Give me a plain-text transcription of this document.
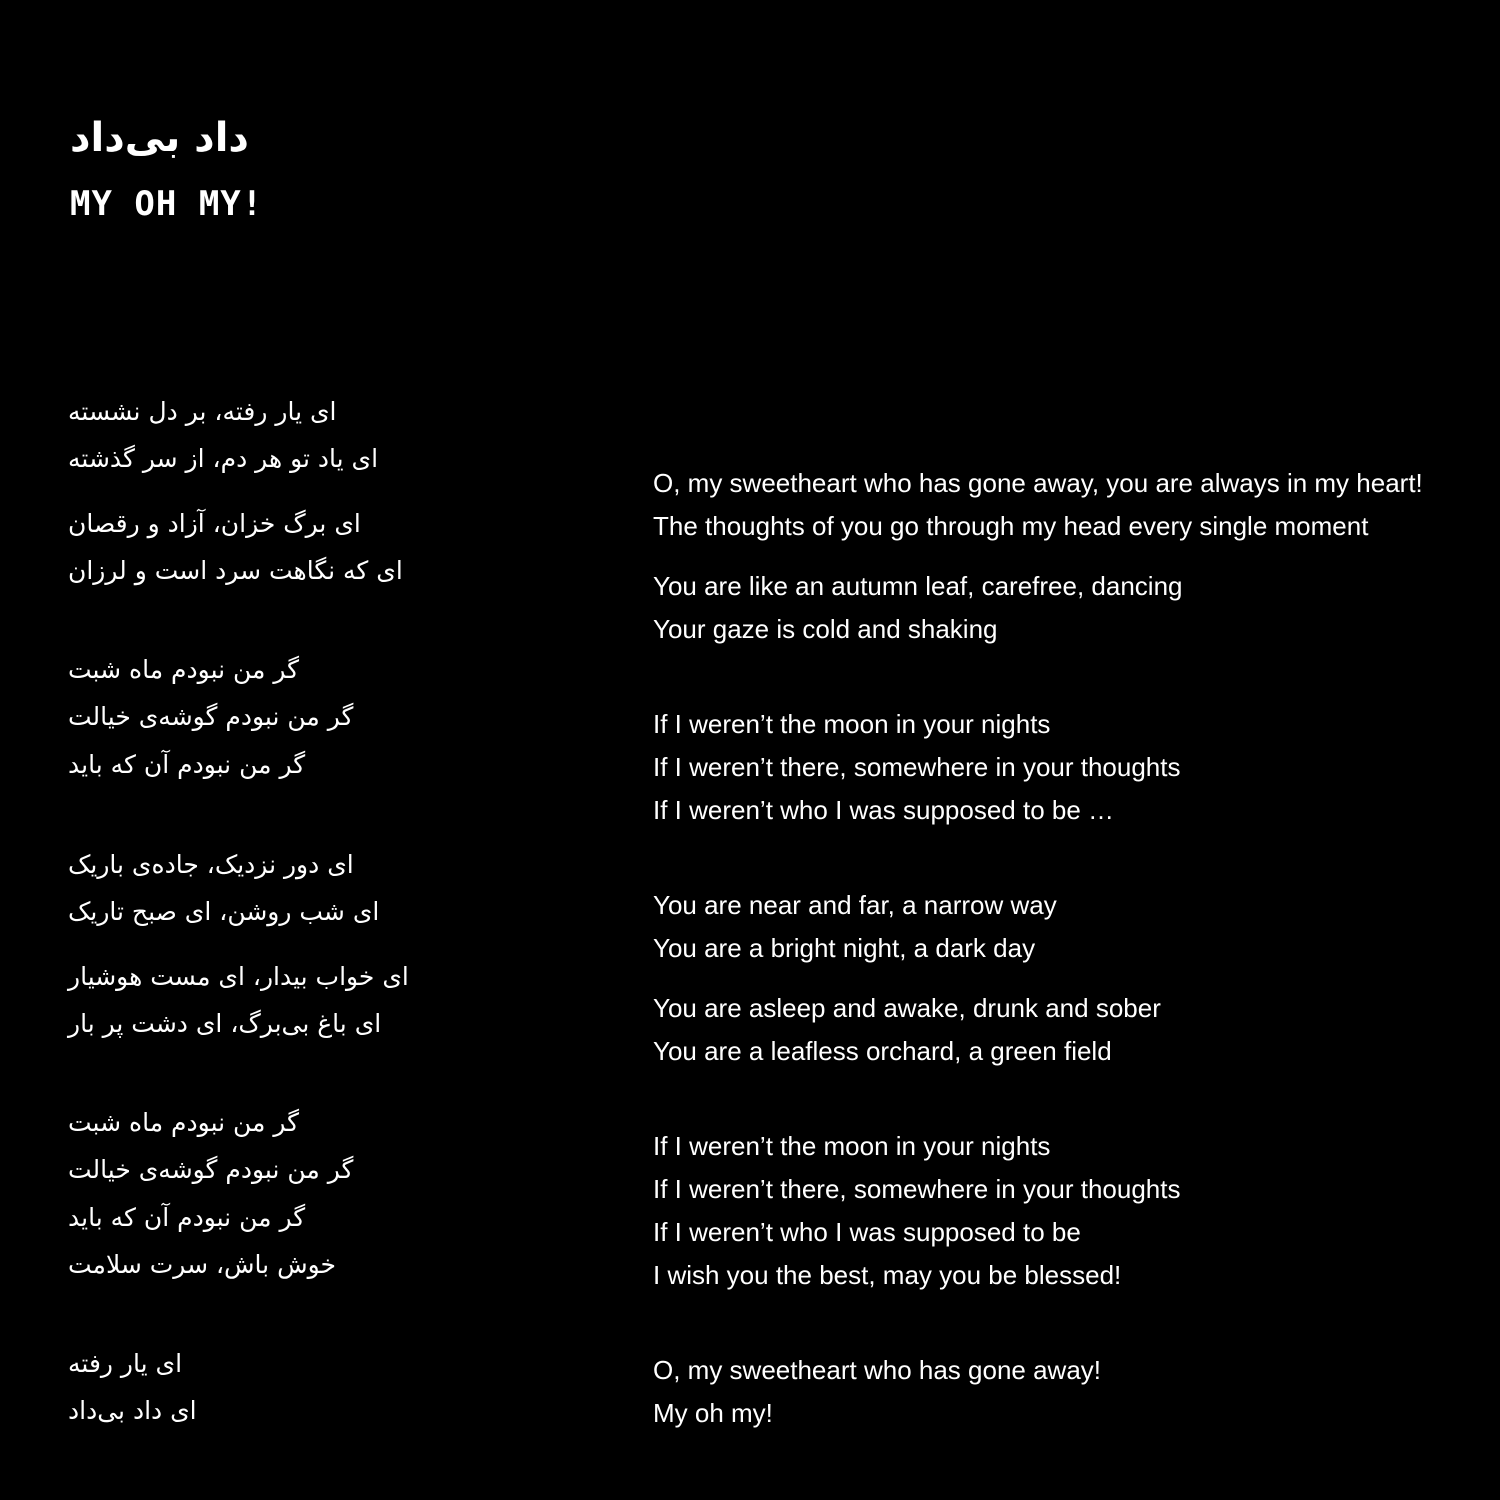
داد بی‌داد
MY OH MY!
ای یار رفته، بر دل نشسته
ای یاد تو هر دم، از سر گذشته
ای برگ خزان، آزاد و رقصان
ای که نگاهت سرد است و لرزان
گر من نبودم ماه شبت
گر من نبودم گوشه‌ی خیالت
گر من نبودم آن که باید
ای دور نزدیک، جاده‌ی باریک
ای شب روشن، ای صبح تاریک
ای خواب بیدار، ای مست هوشیار
ای باغ بی‌برگ، ای دشت پر بار
گر من نبودم ماه شبت
گر من نبودم گوشه‌ی خیالت
گر من نبودم آن که باید
خوش باش، سرت سلامت
ای یار رفته
ای داد بی‌داد
O, my sweetheart who has gone away, you are always in my heart!
The thoughts of you go through my head every single moment
You are like an autumn leaf, carefree, dancing
Your gaze is cold and shaking
If I weren’t the moon in your nights
If I weren’t there, somewhere in your thoughts
If I weren’t who I was supposed to be …
You are near and far, a narrow way
You are a bright night, a dark day
You are asleep and awake, drunk and sober
You are a leafless orchard, a green field
If I weren’t the moon in your nights
If I weren’t there, somewhere in your thoughts
If I weren’t who I was supposed to be
I wish you the best, may you be blessed!
O, my sweetheart who has gone away!
My oh my!
